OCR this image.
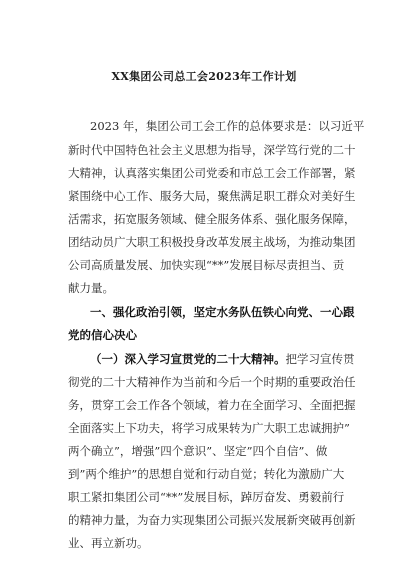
XX集团公司总工会2023年工作计划
2023 年，集团公司工会工作的总体要求是：以习近平
新时代中国特色社会主义思想为指导，深学笃行党的二十
大精神，认真落实集团公司党委和市总工会工作部署，紧
紧围绕中心工作、服务大局，聚焦满足职工群众对美好生
活需求，拓宽服务领域、健全服务体系、强化服务保障，
团结动员广大职工积极投身改革发展主战场，为推动集团
公司高质量发展、加快实现“**”发展目标尽责担当、贡
献力量。
一、强化政治引领，坚定水务队伍铁心向党、一心跟
党的信心决心
（一）深入学习宣贯党的二十大精神。把学习宣传贯
彻党的二十大精神作为当前和今后一个时期的重要政治任
务，贯穿工会工作各个领域，着力在全面学习、全面把握
全面落实上下功夫，将学习成果转为广大职工忠诚拥护”
两个确立”，增强”四个意识”、坚定”四个自信”、做
到”两个维护”的思想自觉和行动自觉；转化为激励广大
职工紧扣集团公司“**”发展目标，踔厉奋发、勇毅前行
的精神力量，为奋力实现集团公司振兴发展新突破再创新
业、再立新功。
